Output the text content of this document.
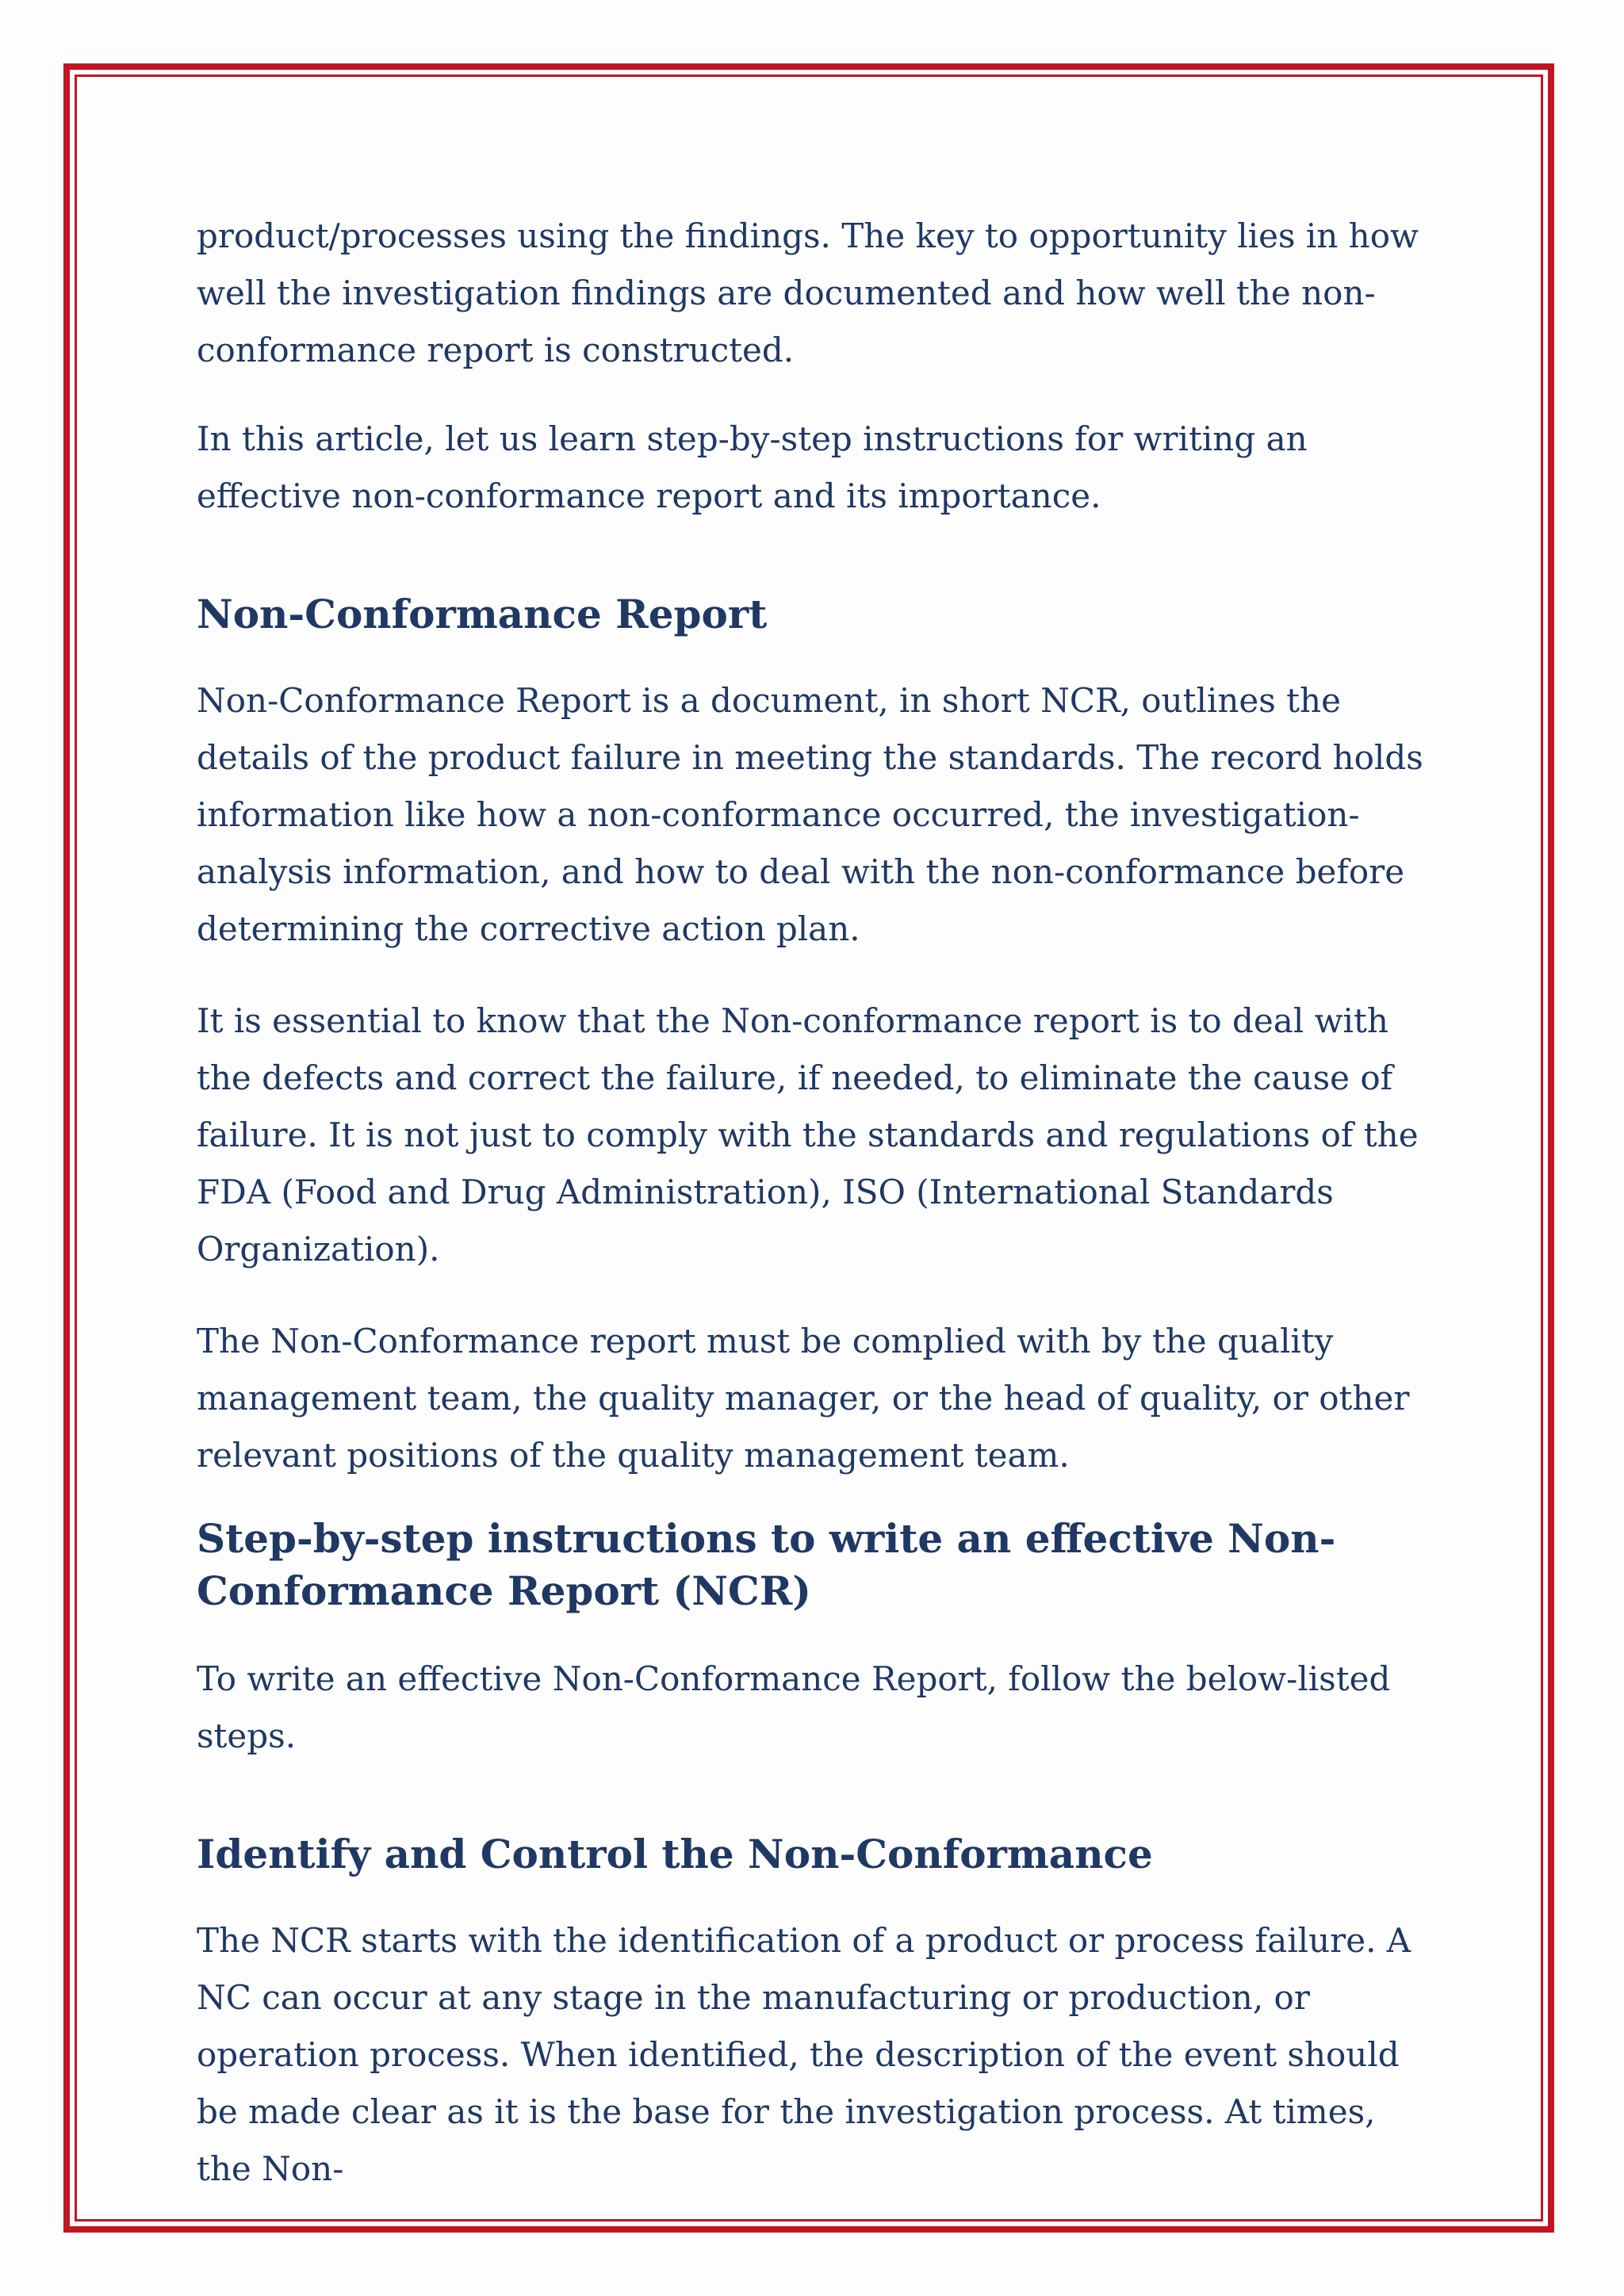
product/processes using the findings. The key to opportunity lies in how well the investigation findings are documented and how well the non-conformance report is constructed.

In this article, let us learn step-by-step instructions for writing an effective non-conformance report and its importance.

Non-Conformance Report

Non-Conformance Report is a document, in short NCR, outlines the details of the product failure in meeting the standards. The record holds information like how a non-conformance occurred, the investigation-analysis information, and how to deal with the non-conformance before determining the corrective action plan.

It is essential to know that the Non-conformance report is to deal with the defects and correct the failure, if needed, to eliminate the cause of failure. It is not just to comply with the standards and regulations of the FDA (Food and Drug Administration), ISO (International Standards Organization).

The Non-Conformance report must be complied with by the quality management team, the quality manager, or the head of quality, or other relevant positions of the quality management team.

Step-by-step instructions to write an effective Non-Conformance Report (NCR)

To write an effective Non-Conformance Report, follow the below-listed steps.

Identify and Control the Non-Conformance

The NCR starts with the identification of a product or process failure. A NC can occur at any stage in the manufacturing or production, or operation process. When identified, the description of the event should be made clear as it is the base for the investigation process. At times, the Non-
